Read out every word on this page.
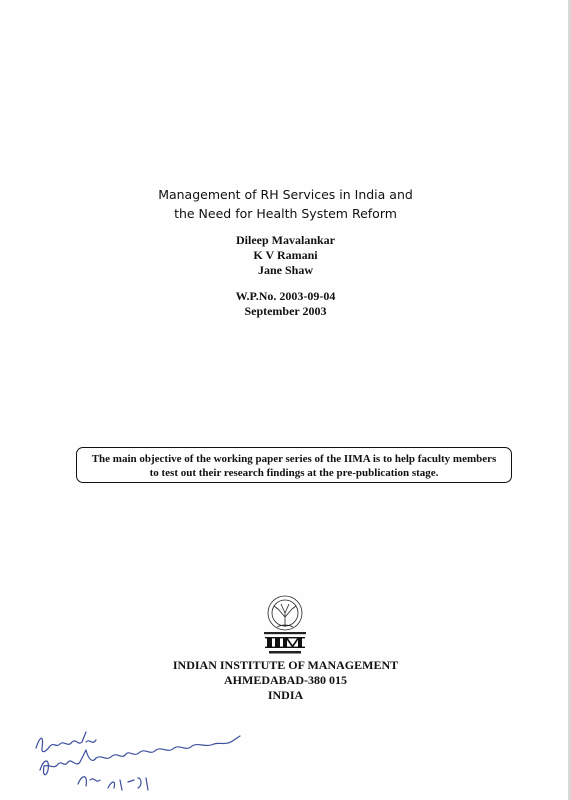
Management of RH Services in India and
the Need for Health System Reform
Dileep Mavalankar
K V Ramani
Jane Shaw
W.P.No. 2003-09-04
September 2003
The main objective of the working paper series of the IIMA is to help faculty members
to test out their research findings at the pre-publication stage.
INDIAN INSTITUTE OF MANAGEMENT
AHMEDABAD-380 015
INDIA
